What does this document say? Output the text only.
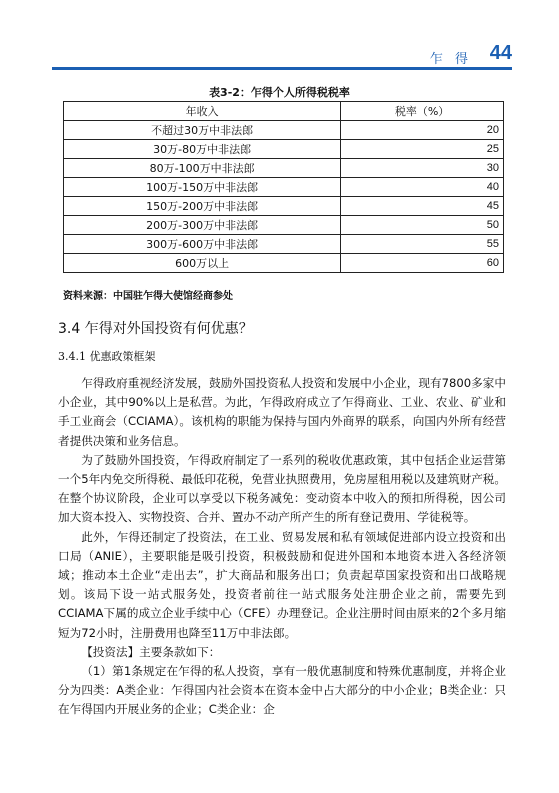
乍 得 44
表3-2：乍得个人所得税税率
年收入	税率（%）
不超过30万中非法郎	20
30万-80万中非法郎	25
80万-100万中非法郎	30
100万-150万中非法郎	40
150万-200万中非法郎	45
200万-300万中非法郎	50
300万-600万中非法郎	55
600万以上	60
资料来源：中国驻乍得大使馆经商参处
3.4 乍得对外国投资有何优惠？
3.4.1 优惠政策框架

乍得政府重视经济发展，鼓励外国投资私人投资和发展中小企业，现有7800多家中小企业，其中90%以上是私营。为此，乍得政府成立了乍得商业、工业、农业、矿业和手工业商会（CCIAMA）。该机构的职能为保持与国内外商界的联系，向国内外所有经营者提供决策和业务信息。

为了鼓励外国投资，乍得政府制定了一系列的税收优惠政策，其中包括企业运营第一个5年内免交所得税、最低印花税，免营业执照费用，免房屋租用税以及建筑财产税。在整个协议阶段，企业可以享受以下税务减免：变动资本中收入的预扣所得税，因公司加大资本投入、实物投资、合并、置办不动产所产生的所有登记费用、学徒税等。

此外，乍得还制定了投资法，在工业、贸易发展和私有领域促进部内设立投资和出口局（ANIE），主要职能是吸引投资，积极鼓励和促进外国和本地资本进入各经济领域；推动本土企业“走出去”，扩大商品和服务出口；负责起草国家投资和出口战略规划。该局下设一站式服务处，投资者前往一站式服务处注册企业之前，需要先到CCIAMA下属的成立企业手续中心（CFE）办理登记。企业注册时间由原来的2个多月缩短为72小时，注册费用也降至11万中非法郎。

【投资法】主要条款如下：

（1）第1条规定在乍得的私人投资，享有一般优惠制度和特殊优惠制度，并将企业分为四类：A类企业：乍得国内社会资本在资本金中占大部分的中小企业；B类企业：只在乍得国内开展业务的企业；C类企业：企
